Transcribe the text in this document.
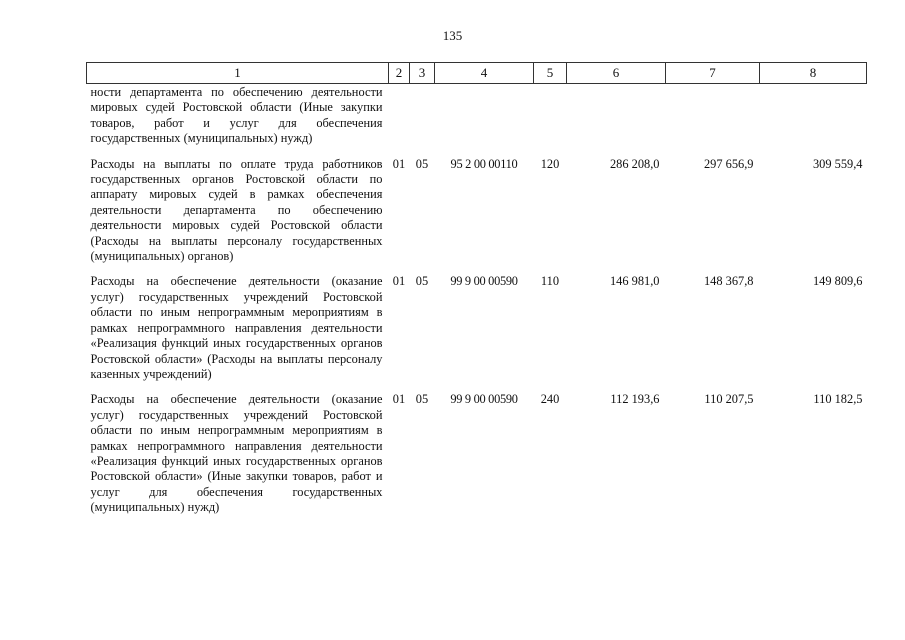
135
1	2	3	4	5	6	7	8
ности департамента по обеспечению деятельности мировых судей Ростовской области (Иные закупки товаров, работ и услуг для обеспечения государственных (муниципальных) нужд)							
Расходы на выплаты по оплате труда работников государственных органов Ростовской области по аппарату мировых судей в рамках обеспечения деятельности департамента по обеспечению деятельности мировых судей Ростовской области (Расходы на выплаты персоналу государственных (муниципальных) органов)	01	05	95 2 00 00110	120	286 208,0	297 656,9	309 559,4
Расходы на обеспечение деятельности (оказание услуг) государственных учреждений Ростовской области по иным непрограммным мероприятиям в рамках непрограммного направления деятельности «Реализация функций иных государственных органов Ростовской области» (Расходы на выплаты персоналу казенных учреждений)	01	05	99 9 00 00590	110	146 981,0	148 367,8	149 809,6
Расходы на обеспечение деятельности (оказание услуг) государственных учреждений Ростовской области по иным непрограммным мероприятиям в рамках непрограммного направления деятельности «Реализация функций иных государственных органов Ростовской области» (Иные закупки товаров, работ и услуг для обеспечения государственных (муниципальных) нужд)	01	05	99 9 00 00590	240	112 193,6	110 207,5	110 182,5
